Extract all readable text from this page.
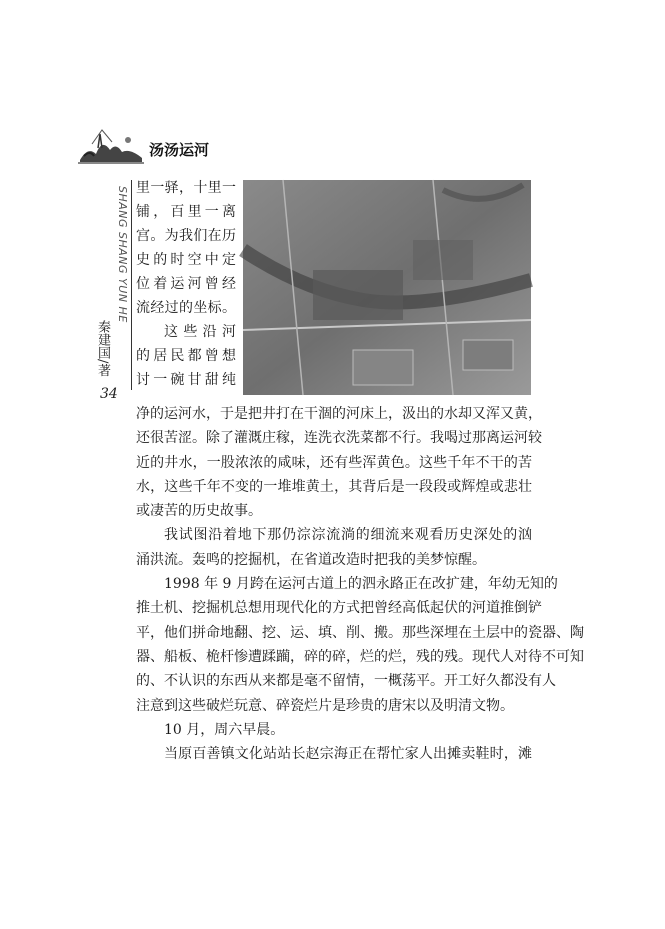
汤汤运河
SHANG SHANG YUN HE
秦建国/著
34
里一驿，十里一
铺，百里一离
宫。为我们在历
史的时空中定
位着运河曾经
流经过的坐标。
这些沿河
的居民都曾想
讨一碗甘甜纯
净的运河水，于是把井打在干涸的河床上，汲出的水却又浑又黄，
还很苦涩。除了灌溉庄稼，连洗衣洗菜都不行。我喝过那离运河较
近的井水，一股浓浓的咸味，还有些浑黄色。这些千年不干的苦
水，这些千年不变的一堆堆黄土，其背后是一段段或辉煌或悲壮
或凄苦的历史故事。
我试图沿着地下那仍淙淙流淌的细流来观看历史深处的汹
涌洪流。轰鸣的挖掘机，在省道改造时把我的美梦惊醒。
1998 年 9 月跨在运河古道上的泗永路正在改扩建，年幼无知的
推土机、挖掘机总想用现代化的方式把曾经高低起伏的河道推倒铲
平，他们拼命地翻、挖、运、填、削、搬。那些深埋在土层中的瓷器、陶
器、船板、桅杆惨遭蹂躏，碎的碎，烂的烂，残的残。现代人对待不可知
的、不认识的东西从来都是毫不留情，一概荡平。开工好久都没有人
注意到这些破烂玩意、碎瓷烂片是珍贵的唐宋以及明清文物。
10 月，周六早晨。
当原百善镇文化站站长赵宗海正在帮忙家人出摊卖鞋时，滩
